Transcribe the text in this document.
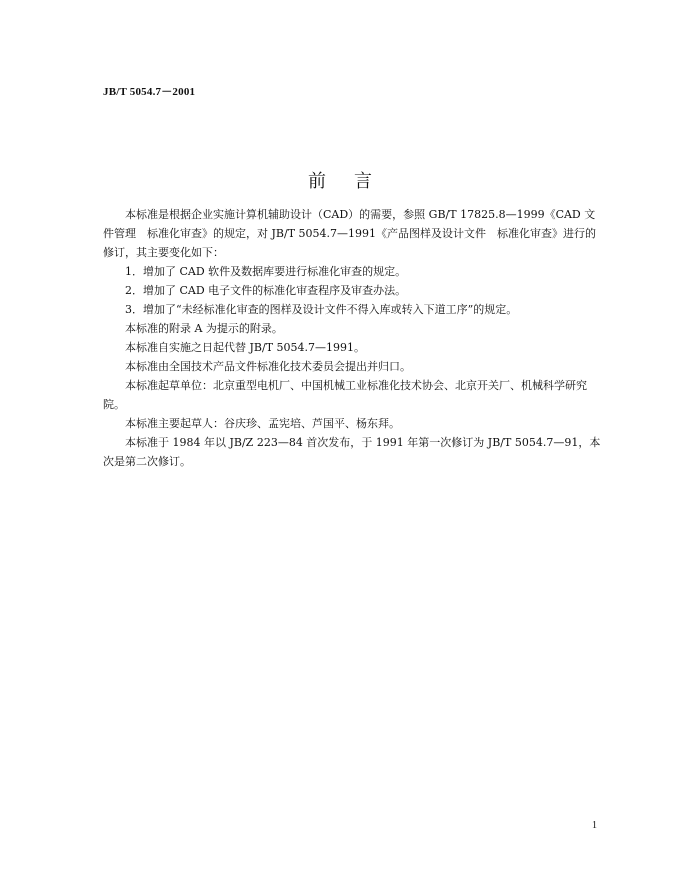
JB/T 5054.7－2001
前言

本标准是根据企业实施计算机辅助设计（CAD）的需要，参照 GB/T 17825.8—1999《CAD 文件管理　标准化审查》的规定，对 JB/T 5054.7—1991《产品图样及设计文件　标准化审查》进行的修订，其主要变化如下：

1．增加了 CAD 软件及数据库要进行标准化审查的规定。

2．增加了 CAD 电子文件的标准化审查程序及审查办法。

3．增加了“未经标准化审查的图样及设计文件不得入库或转入下道工序”的规定。

本标准的附录 A 为提示的附录。

本标准自实施之日起代替 JB/T 5054.7—1991。

本标准由全国技术产品文件标准化技术委员会提出并归口。

本标准起草单位：北京重型电机厂、中国机械工业标准化技术协会、北京开关厂、机械科学研究院。

本标准主要起草人：谷庆珍、孟宪培、芦国平、杨东拜。

本标准于 1984 年以 JB/Z 223—84 首次发布，于 1991 年第一次修订为 JB/T 5054.7—91，本次是第二次修订。

1
